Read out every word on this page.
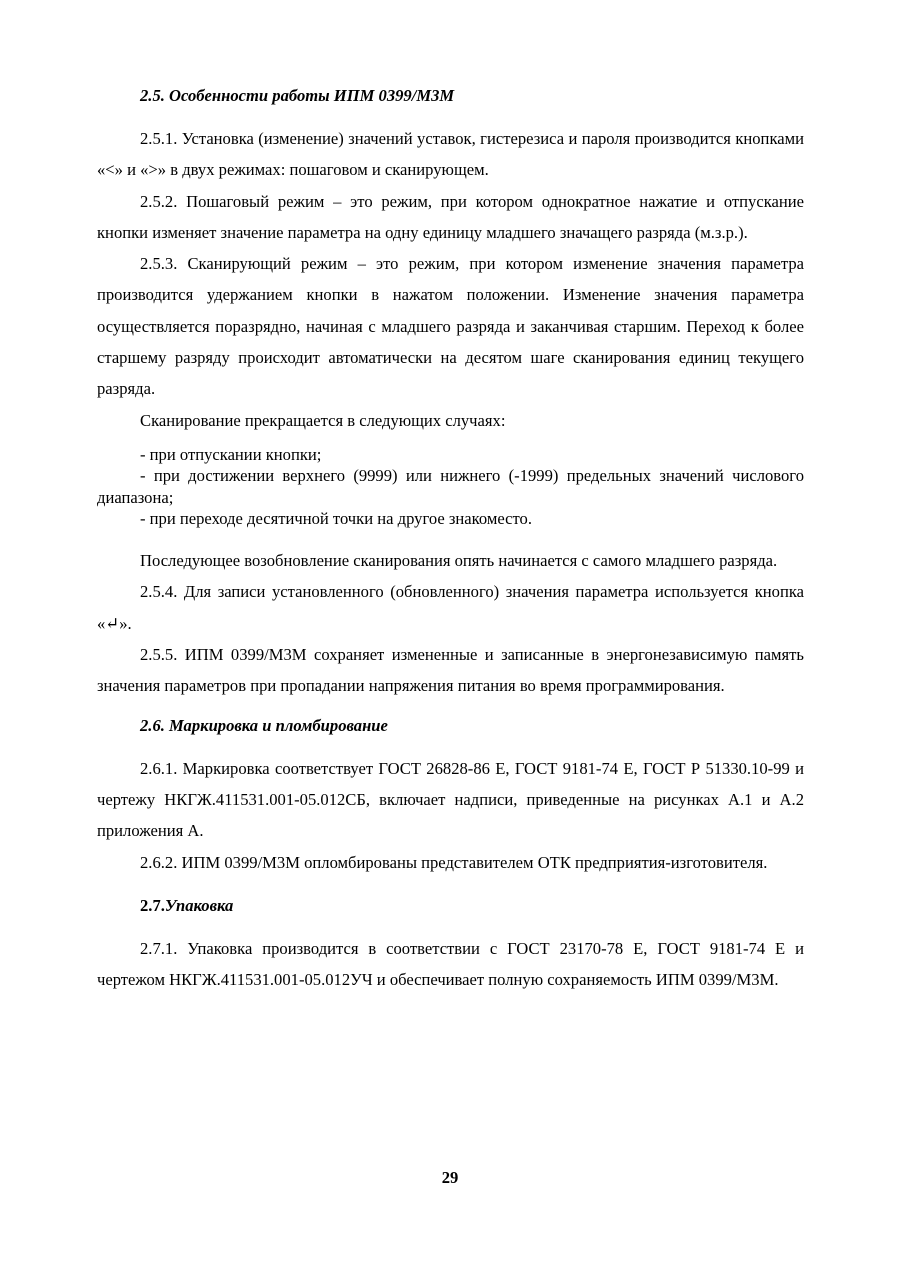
2.5. Особенности работы ИПМ 0399/М3М

2.5.1. Установка (изменение) значений уставок, гистерезиса и пароля производится кнопками «<» и «>» в двух режимах: пошаговом и сканирующем.

2.5.2. Пошаговый режим – это режим, при котором однократное нажатие и отпускание кнопки изменяет значение параметра на одну единицу младшего значащего разряда (м.з.р.).

2.5.3. Сканирующий режим – это режим, при котором изменение значения параметра производится удержанием кнопки в нажатом положении. Изменение значения параметра осуществляется поразрядно, начиная с младшего разряда и заканчивая старшим. Переход к более старшему разряду происходит автоматически на десятом шаге сканирования единиц текущего разряда.

Сканирование прекращается в следующих случаях:

- при отпускании кнопки;
- при достижении верхнего (9999) или нижнего (-1999) предельных значений числового диапазона;
- при переходе десятичной точки на другое знакоместо.

Последующее возобновление сканирования опять начинается с самого младшего разряда.

2.5.4. Для записи установленного (обновленного) значения параметра используется кнопка «↵».

2.5.5. ИПМ 0399/М3М сохраняет измененные и записанные в энергонезависимую память значения параметров при пропадании напряжения питания во время программирования.

2.6. Маркировка и пломбирование

2.6.1. Маркировка соответствует ГОСТ 26828-86 Е, ГОСТ 9181-74 Е, ГОСТ Р 51330.10-99 и чертежу НКГЖ.411531.001-05.012СБ, включает надписи, приведенные на рисунках А.1 и А.2 приложения А.

2.6.2. ИПМ 0399/М3М опломбированы представителем ОТК предприятия-изготовителя.

2.7.Упаковка

2.7.1. Упаковка производится в соответствии с ГОСТ 23170-78 Е, ГОСТ 9181-74 Е и чертежом НКГЖ.411531.001-05.012УЧ и обеспечивает полную сохраняемость ИПМ 0399/М3М.

29
